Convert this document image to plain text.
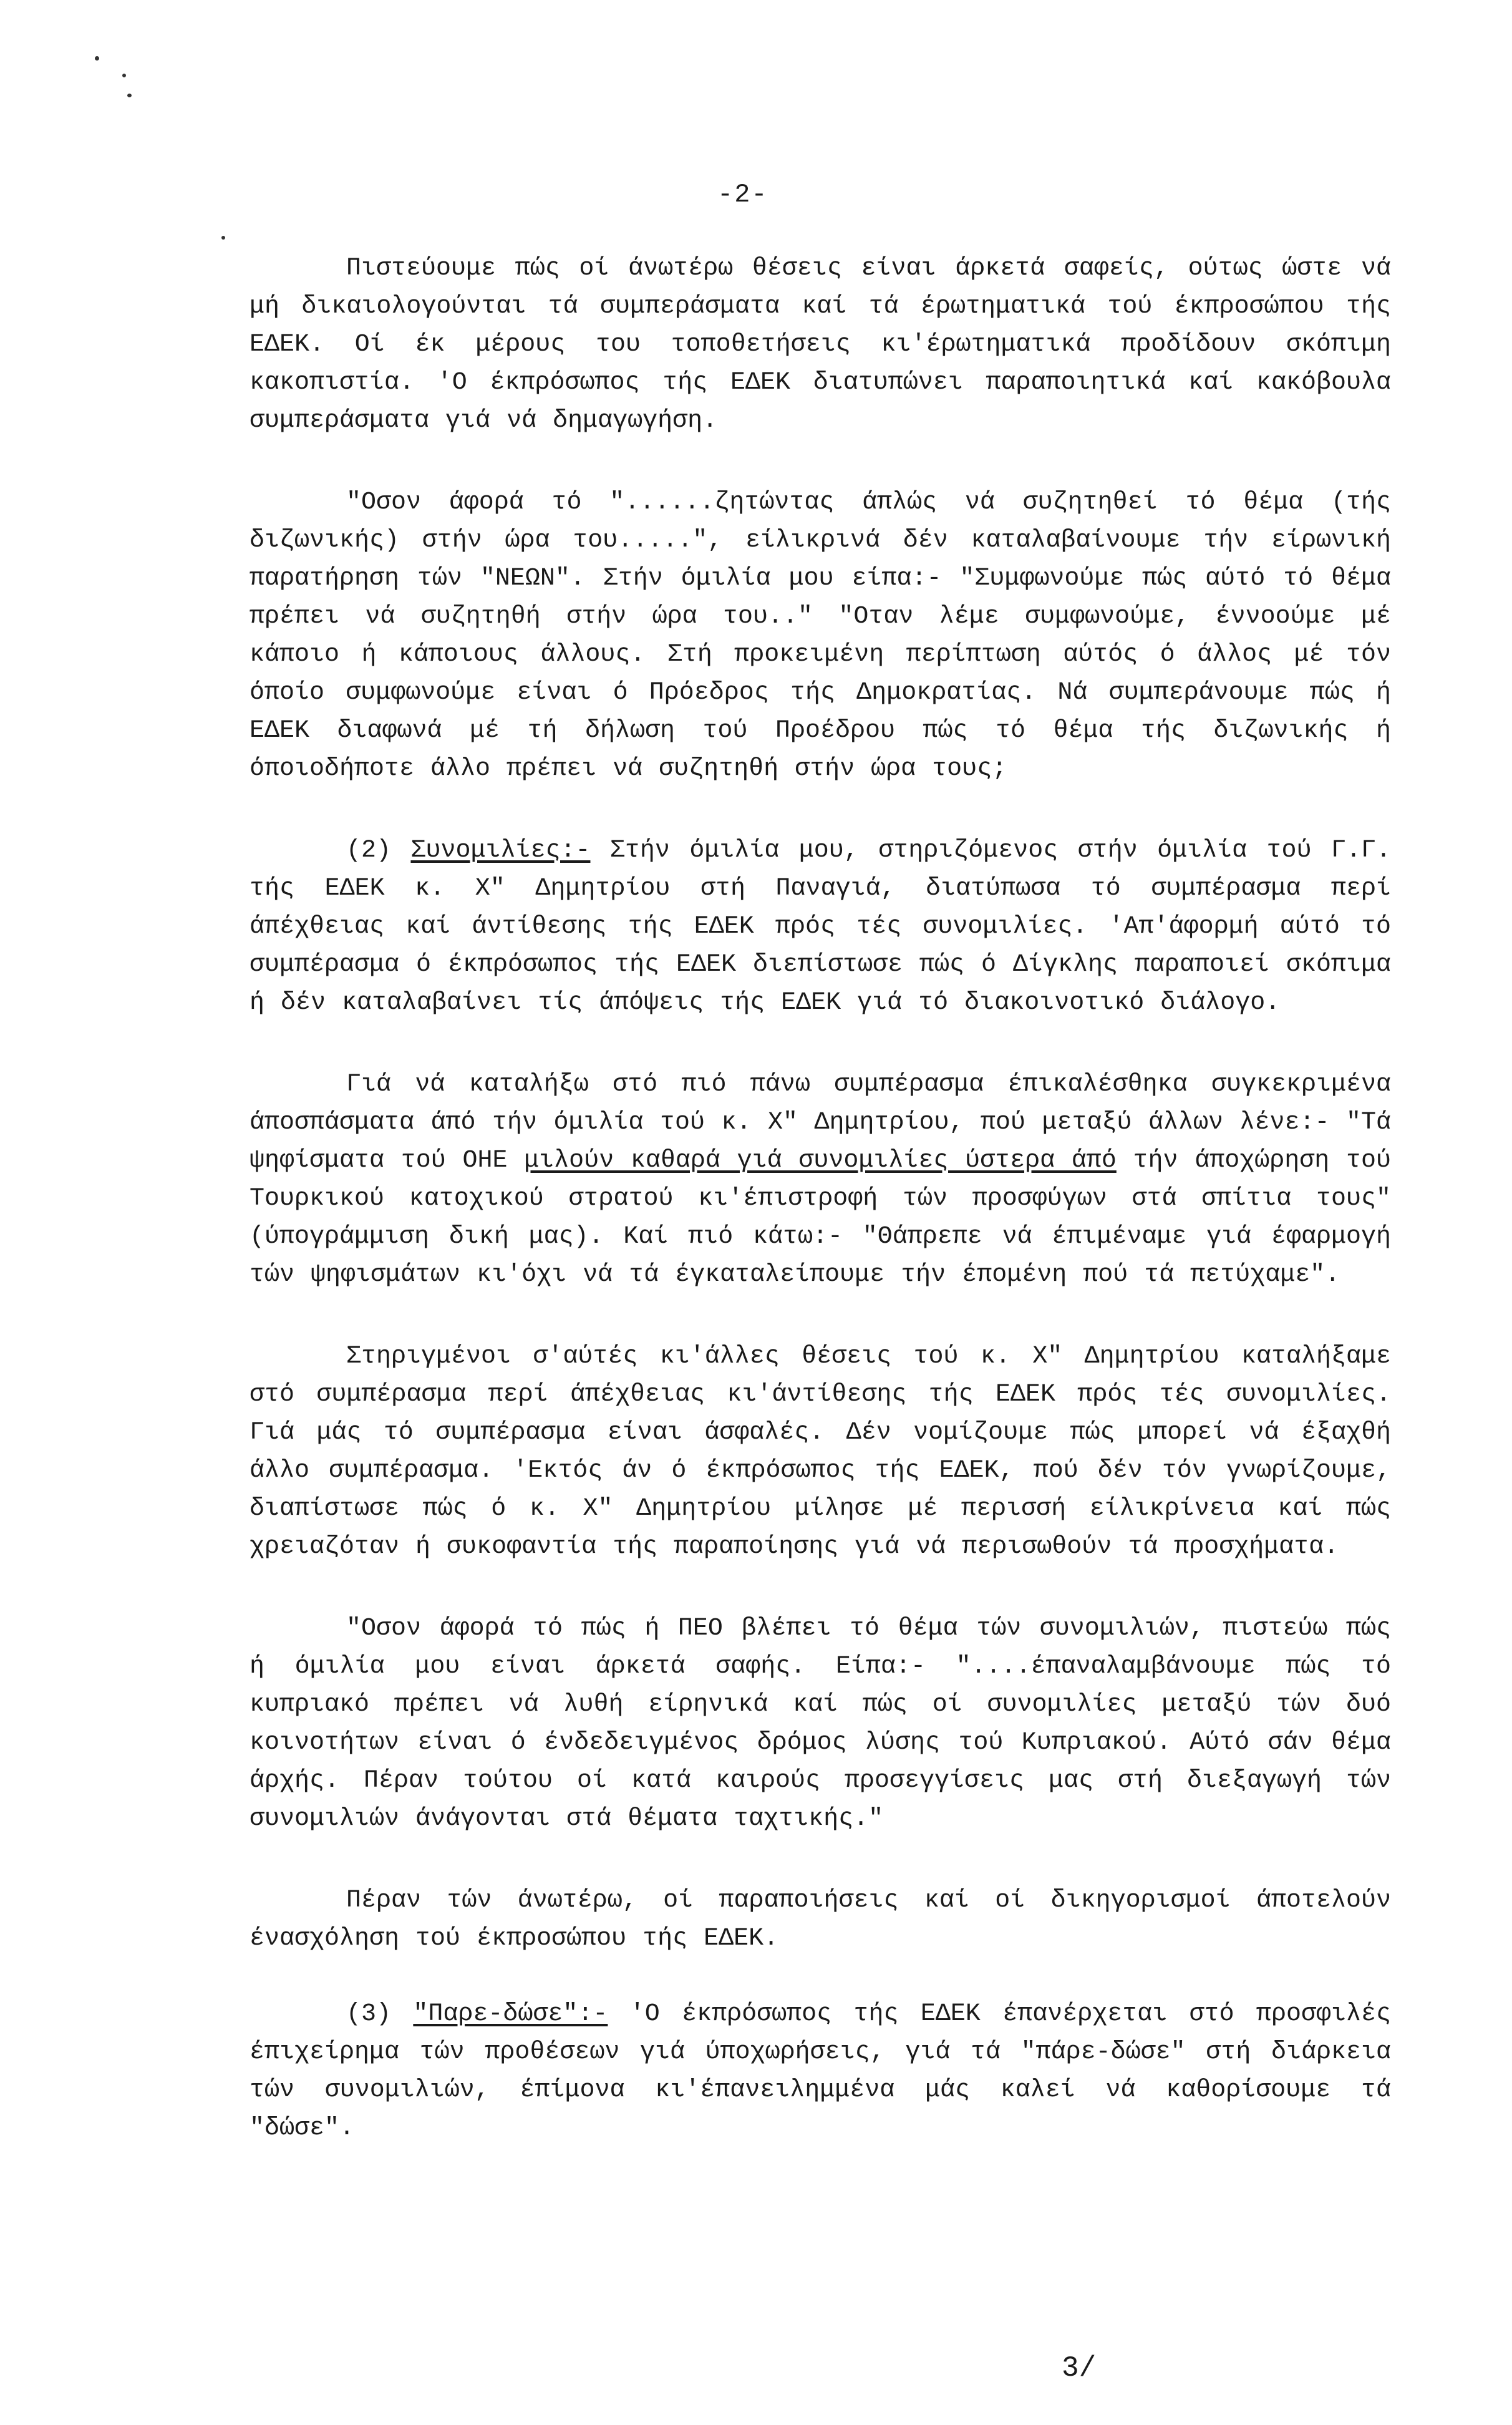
-2-

Πιστεύουμε πώς οί άνωτέρω θέσεις είναι άρκετά σαφείς, ούτως ώστε νά μή δικαιολογούνται τά συμπεράσματα καί τά έρωτηματικά τού έκπροσώπου τής ΕΔΕΚ. Οί έκ μέρους του τοποθετήσεις κι'έρωτηματικά προδίδουν σκόπιμη κακοπιστία. 'Ο έκπρόσωπος τής ΕΔΕΚ διατυπώνει παραποιητικά καί κακόβουλα συμπεράσματα γιά νά δημαγωγήση.

"Οσον άφορά τό "......ζητώντας άπλώς νά συζητηθεί τό θέμα (τής διζωνικής) στήν ώρα του.....", είλικρινά δέν καταλαβαίνουμε τήν είρωνική παρατήρηση τών "ΝΕΩΝ". Στήν όμιλία μου είπα:- "Συμφωνούμε πώς αύτό τό θέμα πρέπει νά συζητηθή στήν ώρα του.." "Οταν λέμε συμφωνούμε, έννοούμε μέ κάποιο ή κάποιους άλλους. Στή προκειμένη περίπτωση αύτός ό άλλος μέ τόν όποίο συμφωνούμε είναι ό Πρόεδρος τής Δημοκρατίας. Νά συμπεράνουμε πώς ή ΕΔΕΚ διαφωνά μέ τή δήλωση τού Προέδρου πώς τό θέμα τής διζωνικής ή όποιοδήποτε άλλο πρέπει νά συζητηθή στήν ώρα τους;

(2) Συνομιλίες:- Στήν όμιλία μου, στηριζόμενος στήν όμιλία τού Γ.Γ. τής ΕΔΕΚ κ. Χ" Δημητρίου στή Παναγιά, διατύπωσα τό συμπέρασμα περί άπέχθειας καί άντίθεσης τής ΕΔΕΚ πρός τές συνομιλίες. 'Απ'άφορμή αύτό τό συμπέρασμα ό έκπρόσωπος τής ΕΔΕΚ διεπίστωσε πώς ό Δίγκλης παραποιεί σκόπιμα ή δέν καταλαβαίνει τίς άπόψεις τής ΕΔΕΚ γιά τό διακοινοτικό διάλογο.

Γιά νά καταλήξω στό πιό πάνω συμπέρασμα έπικαλέσθηκα συγκεκριμένα άποσπάσματα άπό τήν όμιλία τού κ. Χ" Δημητρίου, πού μεταξύ άλλων λένε:- "Τά ψηφίσματα τού ΟΗΕ μιλούν καθαρά γιά συνομιλίες ύστερα άπό τήν άποχώρηση τού Τουρκικού κατοχικού στρατού κι'έπιστροφή τών προσφύγων στά σπίτια τους" (ύπογράμμιση δική μας). Καί πιό κάτω:- "Θάπρεπε νά έπιμέναμε γιά έφαρμογή τών ψηφισμάτων κι'όχι νά τά έγκαταλείπουμε τήν έπομένη πού τά πετύχαμε".

Στηριγμένοι σ'αύτές κι'άλλες θέσεις τού κ. Χ" Δημητρίου καταλήξαμε στό συμπέρασμα περί άπέχθειας κι'άντίθεσης τής ΕΔΕΚ πρός τές συνομιλίες. Γιά μάς τό συμπέρασμα είναι άσφαλές. Δέν νομίζουμε πώς μπορεί νά έξαχθή άλλο συμπέρασμα. 'Εκτός άν ό έκπρόσωπος τής ΕΔΕΚ, πού δέν τόν γνωρίζουμε, διαπίστωσε πώς ό κ. Χ" Δημητρίου μίλησε μέ περισσή είλικρίνεια καί πώς χρειαζόταν ή συκοφαντία τής παραποίησης γιά νά περισωθούν τά προσχήματα.

"Οσον άφορά τό πώς ή ΠΕΟ βλέπει τό θέμα τών συνομιλιών, πιστεύω πώς ή όμιλία μου είναι άρκετά σαφής. Είπα:- "....έπαναλαμβάνουμε πώς τό κυπριακό πρέπει νά λυθή είρηνικά καί πώς οί συνομιλίες μεταξύ τών δυό κοινοτήτων είναι ό ένδεδειγμένος δρόμος λύσης τού Κυπριακού. Αύτό σάν θέμα άρχής. Πέραν τούτου οί κατά καιρούς προσεγγίσεις μας στή διεξαγωγή τών συνομιλιών άνάγονται στά θέματα ταχτικής."

Πέραν τών άνωτέρω, οί παραποιήσεις καί οί δικηγορισμοί άποτελούν ένασχόληση τού έκπροσώπου τής ΕΔΕΚ.

(3) "Παρε-δώσε":- 'Ο έκπρόσωπος τής ΕΔΕΚ έπανέρχεται στό προσφιλές έπιχείρημα τών προθέσεων γιά ύποχωρήσεις, γιά τά "πάρε-δώσε" στή διάρκεια τών συνομιλιών, έπίμονα κι'έπανειλημμένα μάς καλεί νά καθορίσουμε τά "δώσε".

3/
